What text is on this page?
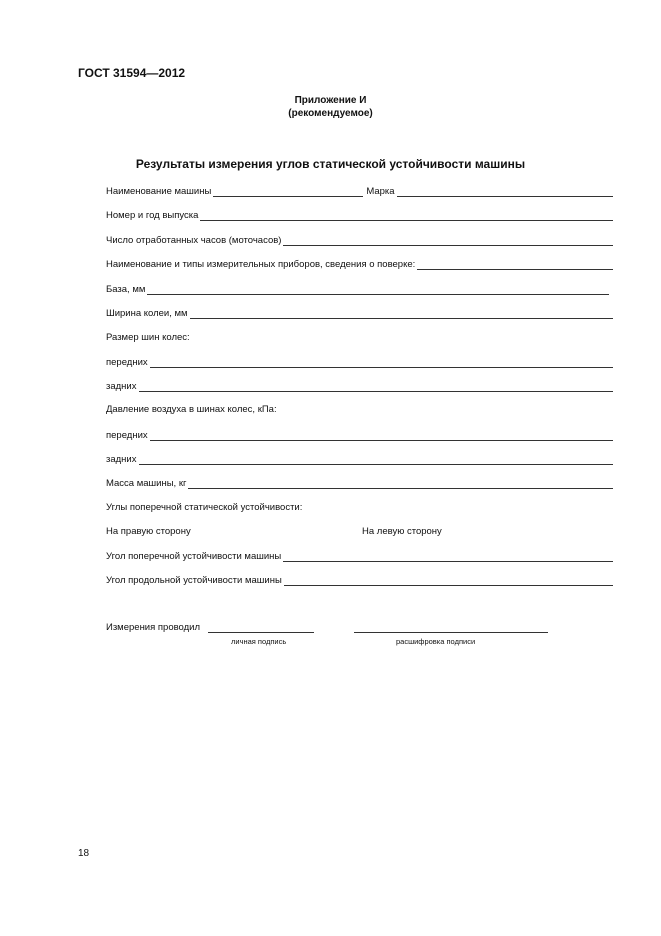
ГОСТ 31594—2012
Приложение И
(рекомендуемое)
Результаты измерения углов статической устойчивости машины
Наименование машины	Марка
Номер и год выпуска
Число отработанных часов (моточасов)
Наименование и типы измерительных приборов, сведения о поверке:
База, мм
Ширина колеи, мм
Размер шин колес:
передних
задних
Давление воздуха в шинах колес, кПа:
передних
задних
Масса машины, кг
Углы поперечной статической устойчивости:
На правую сторону	На левую сторону
Угол поперечной устойчивости машины
Угол продольной устойчивости машины
Измерения проводил
личная подпись	расшифровка подписи
18
